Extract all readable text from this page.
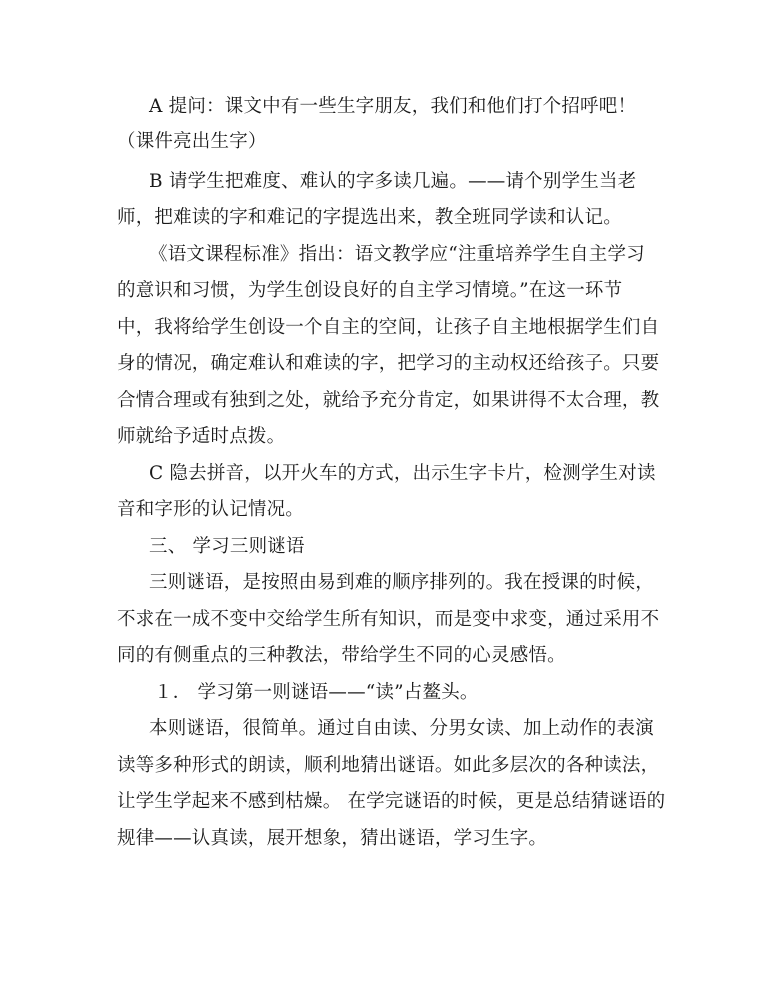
A 提问：课文中有一些生字朋友，我们和他们打个招呼吧！
（课件亮出生字）
B 请学生把难度、难认的字多读几遍。——请个别学生当老
师，把难读的字和难记的字提选出来，教全班同学读和认记。
《语文课程标准》指出：语文教学应“注重培养学生自主学习
的意识和习惯，为学生创设良好的自主学习情境。”在这一环节
中，我将给学生创设一个自主的空间，让孩子自主地根据学生们自
身的情况，确定难认和难读的字，把学习的主动权还给孩子。只要
合情合理或有独到之处，就给予充分肯定，如果讲得不太合理，教
师就给予适时点拨。
C 隐去拼音，以开火车的方式，出示生字卡片，检测学生对读
音和字形的认记情况。
三、 学习三则谜语
三则谜语，是按照由易到难的顺序排列的。我在授课的时候，
不求在一成不变中交给学生所有知识，而是变中求变，通过采用不
同的有侧重点的三种教法，带给学生不同的心灵感悟。
１． 学习第一则谜语——“读”占鳌头。
本则谜语，很简单。通过自由读、分男女读、加上动作的表演
读等多种形式的朗读，顺利地猜出谜语。如此多层次的各种读法，
让学生学起来不感到枯燥。 在学完谜语的时候，更是总结猜谜语的
规律——认真读，展开想象，猜出谜语，学习生字。
